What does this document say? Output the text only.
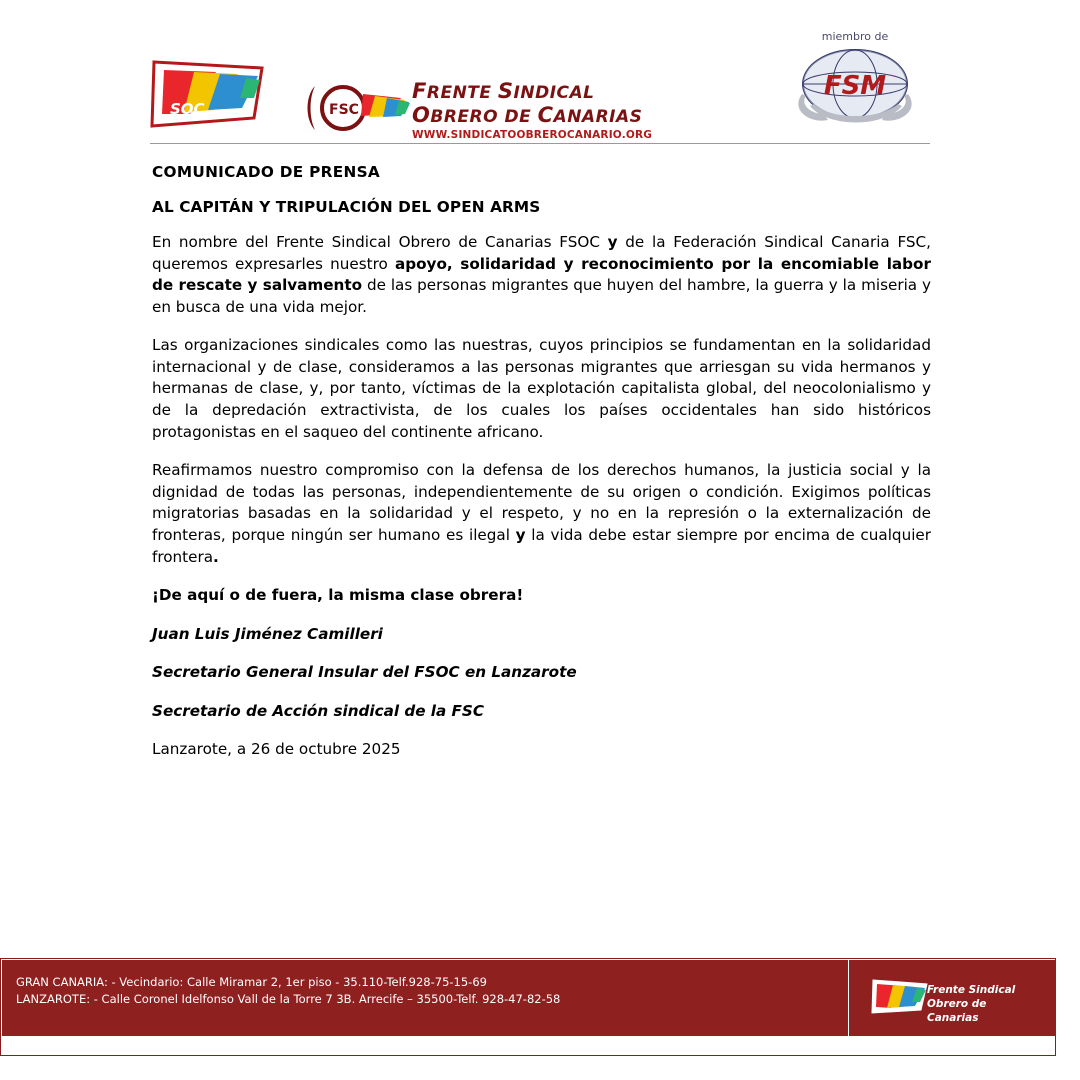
SOC	FSC
FRENTE SINDICAL
OBRERO DE CANARIAS
WWW.SINDICATOOBREROCANARIO.ORG
miembro de
FSM
COMUNICADO DE PRENSA
AL CAPITÁN Y TRIPULACIÓN DEL OPEN ARMS

En nombre del Frente Sindical Obrero de Canarias FSOC y de la Federación Sindical Canaria FSC, queremos expresarles nuestro apoyo, solidaridad y reconocimiento por la encomiable labor de rescate y salvamento de las personas migrantes que huyen del hambre, la guerra y la miseria y en busca de una vida mejor.

Las organizaciones sindicales como las nuestras, cuyos principios se fundamentan en la solidaridad internacional y de clase, consideramos a las personas migrantes que arriesgan su vida hermanos y hermanas de clase, y, por tanto, víctimas de la explotación capitalista global, del neocolonialismo y de la depredación extractivista, de los cuales los países occidentales han sido históricos protagonistas en el saqueo del continente africano.

Reafirmamos nuestro compromiso con la defensa de los derechos humanos, la justicia social y la dignidad de todas las personas, independientemente de su origen o condición. Exigimos políticas migratorias basadas en la solidaridad y el respeto, y no en la represión o la externalización de fronteras, porque ningún ser humano es ilegal y la vida debe estar siempre por encima de cualquier frontera.

¡De aquí o de fuera, la misma clase obrera!

Juan Luis Jiménez Camilleri

Secretario General Insular del FSOC en Lanzarote

Secretario de Acción sindical de la FSC

Lanzarote, a 26 de octubre 2025

GRAN CANARIA: - Vecindario: Calle Miramar 2, 1er piso - 35.110-Telf.928-75-15-69
LANZAROTE: - Calle Coronel Idelfonso Vall de la Torre 7 3B. Arrecife – 35500-Telf. 928-47-82-58
Frente Sindical
Obrero de Canarias
